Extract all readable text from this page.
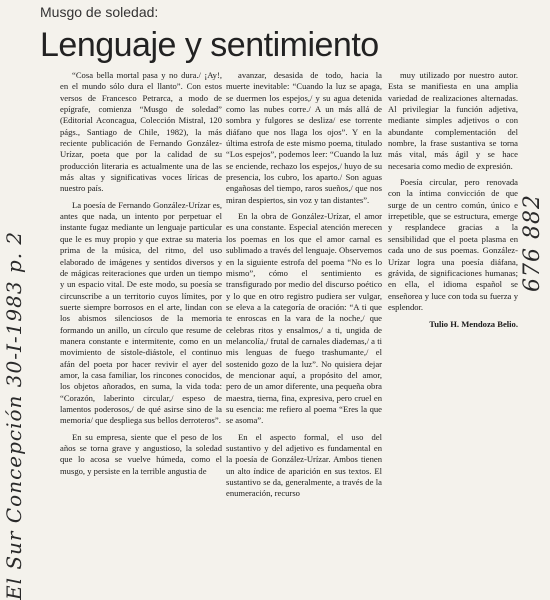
Musgo de soledad:
Lenguaje y sentimiento

“Cosa bella mortal pasa y no dura./ ¡Ay!, en el mundo sólo dura el llanto”. Con estos versos de Francesco Petrarca, a modo de epígrafe, comienza “Musgo de soledad” (Editorial Aconcagua, Colección Mistral, 120 págs., Santiago de Chile, 1982), la más reciente publicación de Fernando González-Urízar, poeta que por la calidad de su producción literaria es actualmente una de las más altas y significativas voces líricas de nuestro país.

La poesía de Fernando González-Urízar es, antes que nada, un intento por perpetuar el instante fugaz mediante un lenguaje particular que le es muy propio y que extrae su materia prima de la música, del ritmo, del uso elaborado de imágenes y sentidos diversos y de mágicas reiteraciones que urden un tiempo y un espacio vital. De este modo, su poesía se circunscribe a un territorio cuyos límites, por suerte siempre borrosos en el arte, lindan con los abismos silenciosos de la memoria formando un anillo, un círculo que resume de manera constante e intermitente, como en un movimiento de sístole-diástole, el continuo afán del poeta por hacer revivir el ayer del amor, la casa familiar, los rincones conocidos, los objetos añorados, en suma, la vida toda: “Corazón, laberinto circular,/ espeso de lamentos poderosos,/ de qué asirse sino de la memoria/ que despliega sus bellos derroteros”.

En su empresa, siente que el peso de los años se torna grave y angustioso, la soledad que lo acosa se vuelve húmeda, como el musgo, y persiste en la terrible angustia de

avanzar, desasida de todo, hacia la muerte inevitable: “Cuando la luz se apaga, se duermen los espejos,/ y su agua detenida como las nubes corre./ A un más allá de sombra y fulgores se desliza/ ese torrente diáfano que nos llaga los ojos”. Y en la última estrofa de este mismo poema, titulado “Los espejos”, podemos leer: “Cuando la luz se enciende, rechazo los espejos,/ huyo de su presencia, los cubro, los aparto./ Son aguas engañosas del tiempo, raros sueños,/ que nos miran despiertos, sin voz y tan distantes”.

En la obra de González-Urízar, el amor es una constante. Especial atención merecen los poemas en los que el amor carnal es sublimado a través del lenguaje. Observemos en la siguiente estrofa del poema “No es lo mismo”, cómo el sentimiento es transfigurado por medio del discurso poético y lo que en otro registro pudiera ser vulgar, se eleva a la categoría de oración: “A ti que te enroscas en la vara de la noche,/ que celebras ritos y ensalmos,/ a ti, ungida de melancolía,/ frutal de carnales diademas,/ a ti mis lenguas de fuego trashumante,/ el sostenido gozo de la luz”. No quisiera dejar de mencionar aquí, a propósito del amor, pero de un amor diferente, una pequeña obra maestra, tierna, fina, expresiva, pero cruel en su esencia: me refiero al poema “Eres la que se asoma”.

En el aspecto formal, el uso del sustantivo y del adjetivo es fundamental en la poesía de González-Urízar. Ambos tienen un alto índice de aparición en sus textos. El sustantivo se da, generalmente, a través de la enumeración, recurso

muy utilizado por nuestro autor. Esta se manifiesta en una amplia variedad de realizaciones alternadas. Al privilegiar la función adjetiva, mediante simples adjetivos o con abundante complementación del nombre, la frase sustantiva se torna más vital, más ágil y se hace necesaria como medio de expresión.

Poesía circular, pero renovada con la íntima convicción de que surge de un centro común, único e irrepetible, que se estructura, emerge y resplandece gracias a la sensibilidad que el poeta plasma en cada uno de sus poemas. González-Urízar logra una poesía diáfana, grávida, de significaciones humanas; en ella, el idioma español se enseñorea y luce con toda su fuerza y esplendor.

Tulio H. Mendoza Belio.
El Sur Concepción 30-I-1983 p. 2	676 882
